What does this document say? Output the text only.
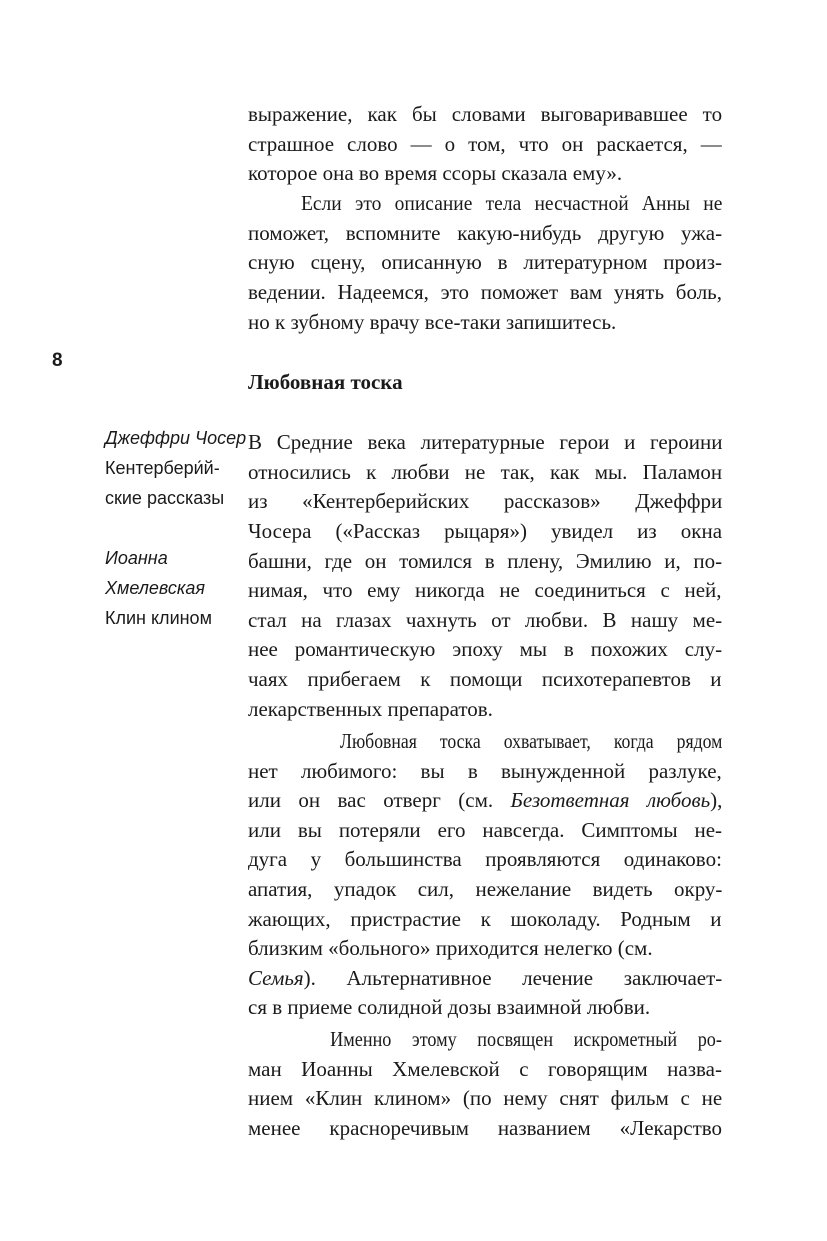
8
Джеффри Чосер
Кентербери́й-
ские рассказы
Иоанна
Хмелевская
Клин клином
выражение, как бы словами выговаривавшее то
страшное слово — о том, что он раскается, —
которое она во время ссоры сказала ему».
Если это описание тела несчастной Анны не
поможет, вспомните какую-нибудь другую ужа-
сную сцену, описанную в литературном произ-
ведении. Надеемся, это поможет вам унять боль,
но к зубному врачу все-таки запишитесь.
Любовная тоска
В Средние века литературные герои и героини
относились к любви не так, как мы. Паламон
из «Кентерберийских рассказов» Джеффри
Чосера («Рассказ рыцаря») увидел из окна
башни, где он томился в плену, Эмилию и, по-
нимая, что ему никогда не соединиться с ней,
стал на глазах чахнуть от любви. В нашу ме-
нее романтическую эпоху мы в похожих слу-
чаях прибегаем к помощи психотерапевтов и
лекарственных препаратов.
Любовная тоска охватывает, когда рядом
нет любимого: вы в вынужденной разлуке,
или он вас отверг (см. Безответная любовь),
или вы потеряли его навсегда. Симптомы не-
дуга у большинства проявляются одинаково:
апатия, упадок сил, нежелание видеть окру-
жающих, пристрастие к шоколаду. Родным и
близким «больного» приходится нелегко (см.
Семья). Альтернативное лечение заключает-
ся в приеме солидной дозы взаимной любви.
Именно этому посвящен искрометный ро-
ман Иоанны Хмелевской с говорящим назва-
нием «Клин клином» (по нему снят фильм с не
менее красноречивым названием «Лекарство
